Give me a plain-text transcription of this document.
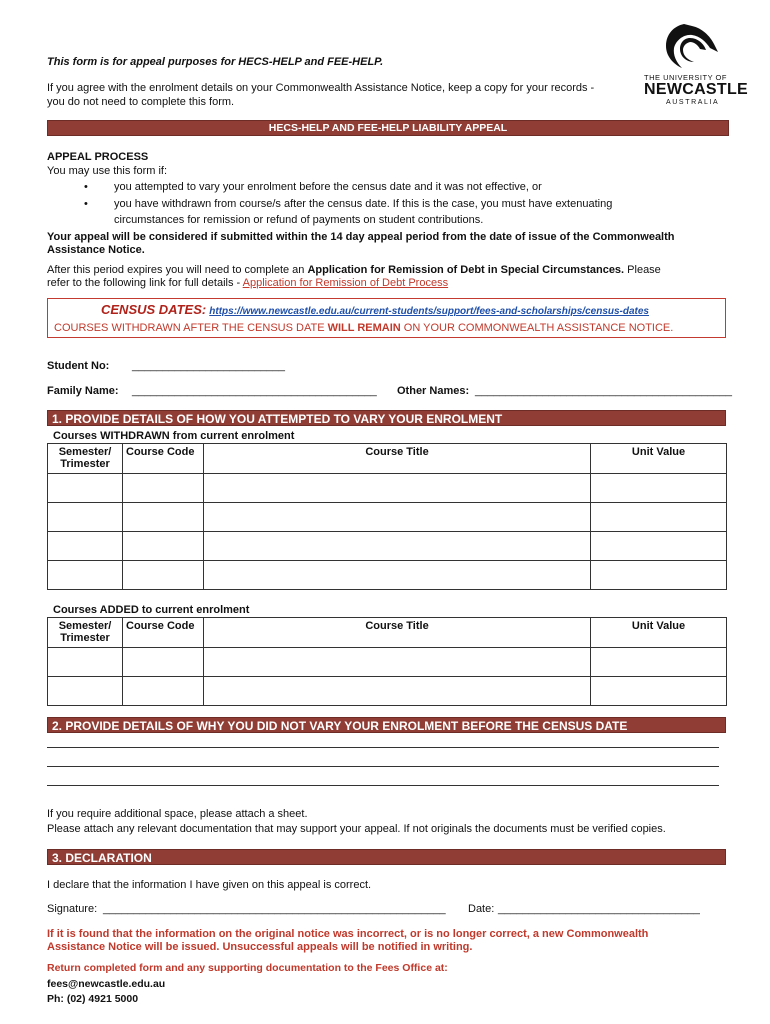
THE UNIVERSITY OF
NEWCASTLE
AUSTRALIA
This form is for appeal purposes for HECS-HELP and FEE-HELP.
If you agree with the enrolment details on your Commonwealth Assistance Notice, keep a copy for your records -
you do not need to complete this form.
HECS-HELP AND FEE-HELP LIABILITY APPEAL
APPEAL PROCESS
You may use this form if:
• you attempted to vary your enrolment before the census date and it was not effective, or
• you have withdrawn from course/s after the census date. If this is the case, you must have extenuating
circumstances for remission or refund of payments on student contributions.
Your appeal will be considered if submitted within the 14 day appeal period from the date of issue of the Commonwealth
Assistance Notice.
After this period expires you will need to complete an Application for Remission of Debt in Special Circumstances. Please
refer to the following link for full details - Application for Remission of Debt Process
CENSUS DATES: https://www.newcastle.edu.au/current-students/support/fees-and-scholarships/census-dates
COURSES WITHDRAWN AFTER THE CENSUS DATE WILL REMAIN ON YOUR COMMONWEALTH ASSISTANCE NOTICE.
Student No: _________________________
Family Name: ________________________________________ Other Names: __________________________________________
1. PROVIDE DETAILS OF HOW YOU ATTEMPTED TO VARY YOUR ENROLMENT
Courses WITHDRAWN from current enrolment
Semester/
Trimester	Course Code	Course Title	Unit Value

Courses ADDED to current enrolment
Semester/
Trimester	Course Code	Course Title	Unit Value

2. PROVIDE DETAILS OF WHY YOU DID NOT VARY YOUR ENROLMENT BEFORE THE CENSUS DATE
If you require additional space, please attach a sheet.
Please attach any relevant documentation that may support your appeal. If not originals the documents must be verified copies.
3. DECLARATION
I declare that the information I have given on this appeal is correct.
Signature: ________________________________________________________ Date: _________________________________
If it is found that the information on the original notice was incorrect, or is no longer correct, a new Commonwealth
Assistance Notice will be issued. Unsuccessful appeals will be notified in writing.
Return completed form and any supporting documentation to the Fees Office at:
fees@newcastle.edu.au
Ph: (02) 4921 5000
